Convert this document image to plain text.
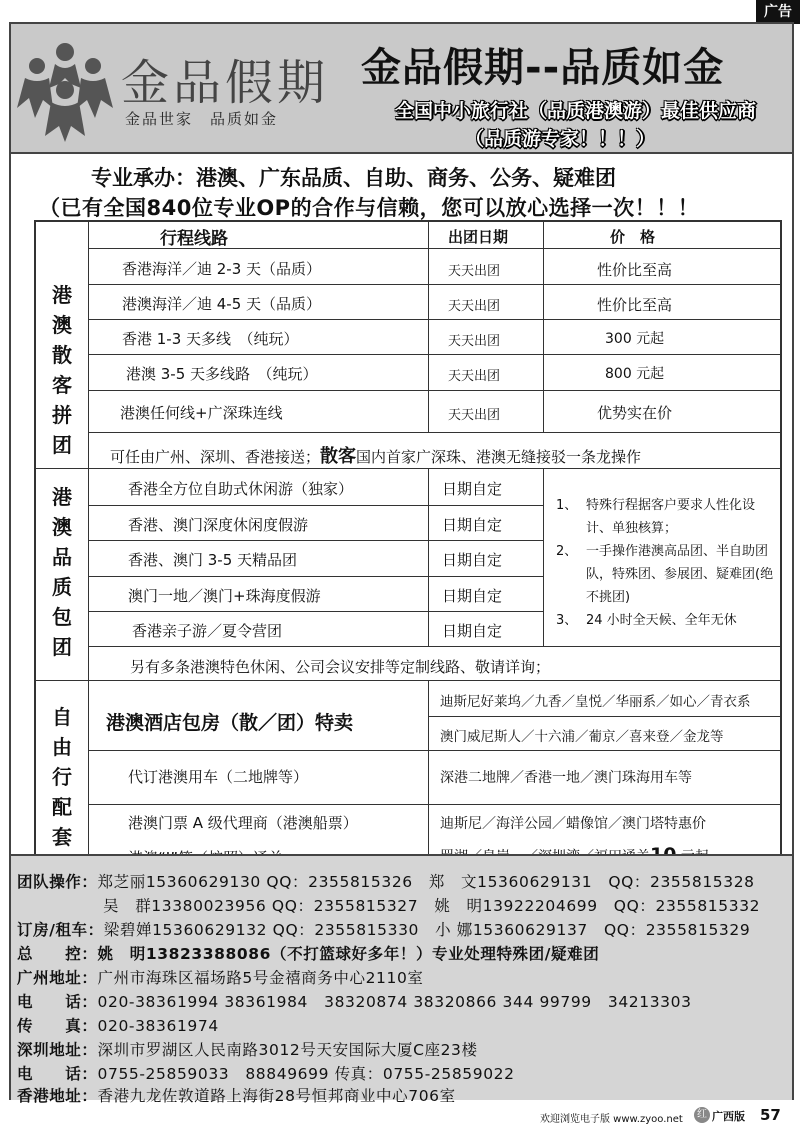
广告
金品假期
金品世家　品质如金
金品假期--品质如金
全国中小旅行社（品质港澳游）最佳供应商
（品质游专家！！！）
专业承办：港澳、广东品质、自助、商务、公务、疑难团
（已有全国840位专业OP的合作与信赖，您可以放心选择一次！！！
行程线路	出团日期	价　格
港
澳
散
客
拼
团
香港海洋／迪 2-3 天（品质）	天天出团	性价比至高
港澳海洋／迪 4-5 天（品质）	天天出团	性价比至高
香港 1-3 天多线　（纯玩）	天天出团	300 元起
港澳 3-5 天多线路　（纯玩）	天天出团	800 元起
港澳任何线+广深珠连线	天天出团	优势实在价
可任由广州、深圳、香港接送；散客国内首家广深珠、港澳无缝接驳一条龙操作
港
澳
品
质
包
团
香港全方位自助式休闲游（独家）	日期自定
香港、澳门深度休闲度假游	日期自定
香港、澳门 3-5 天精品团	日期自定
澳门一地／澳门+珠海度假游	日期自定
香港亲子游／夏令营团	日期自定
1、 特殊行程据客户要求人性化设计、单独核算；
2、 一手操作港澳高品团、半自助团队，特殊团、参展团、疑难团(绝不挑团)
3、 24 小时全天候、全年无休
另有多条港澳特色休闲、公司会议安排等定制线路、敬请详询；
自
由
行
配
套
港澳酒店包房（散／团）特卖
迪斯尼好莱坞／九香／皇悦／华丽系／如心／青衣系
澳门威尼斯人／十六浦／葡京／喜来登／金龙等
代订港澳用车（二地牌等）	深港二地牌／香港一地／澳门珠海用车等
港澳门票 A 级代理商（港澳船票）	迪斯尼／海洋公园／蜡像馆／澳门塔特惠价
团队操作：郑芝丽15360629130 QQ：2355815326　郑　文15360629131　QQ：2355815328
吴　群13380023956 QQ：2355815327　姚　明13922204699　QQ：2355815332
订房/租车：梁碧婵15360629132 QQ：2355815330　小 娜15360629137　QQ：2355815329
总　　控：姚　明13823388086（不打篮球好多年！）专业处理特殊团/疑难团
广州地址：广州市海珠区福场路5号金禧商务中心2110室
电　　话：020-38361994 38361984　38320874 38320866 344 99799　34213303
传　　真：020-38361974
深圳地址：深圳市罗湖区人民南路3012号天安国际大厦C座23楼
电　　话：0755-25859033　88849699 传真：0755-25859022
香港地址：香港九龙佐敦道路上海街28号恒邦商业中心706室
欢迎浏览电子版 www.zyoo.net	红 广西版 57
